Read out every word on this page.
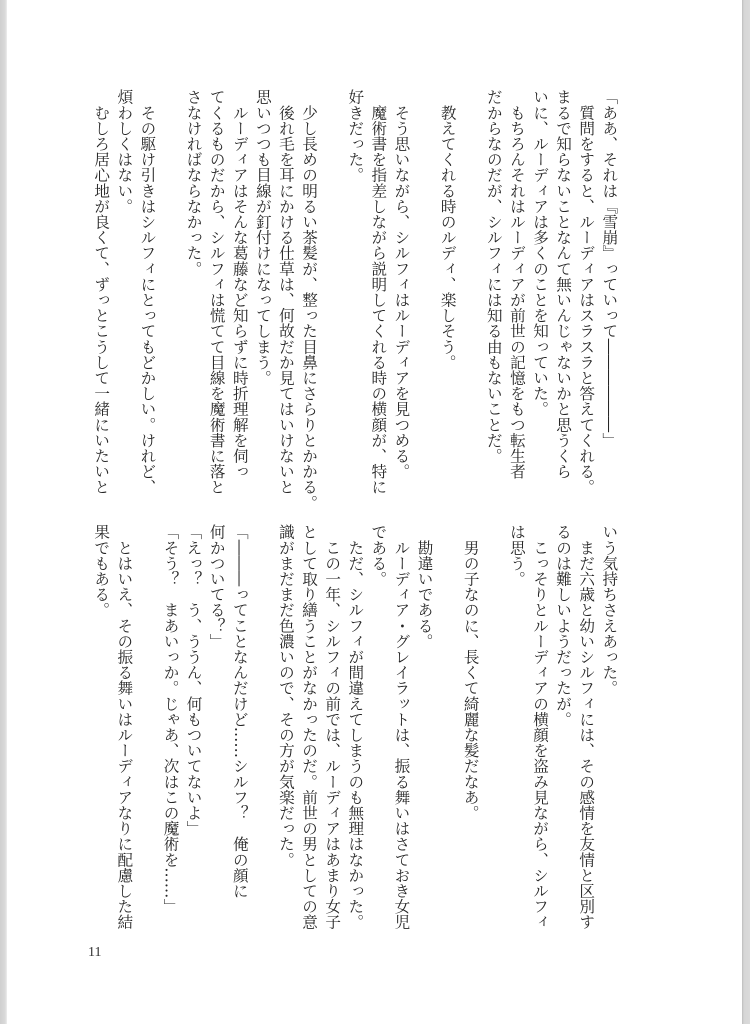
「ああ、それは『雪崩』っていって――――――」
　質問をすると、ルーディアはスラスラと答えてくれる。
まるで知らないことなんて無いんじゃないかと思うくら
いに、ルーディアは多くのことを知っていた。
　もちろんそれはルーディアが前世の記憶をもつ転生者
だからなのだが、シルフィには知る由もないことだ。
　教えてくれる時のルディ、楽しそう。
　そう思いながら、シルフィはルーディアを見つめる。
　魔術書を指差しながら説明してくれる時の横顔が、特に
好きだった。
　少し長めの明るい茶髪が、整った目鼻にさらりとかかる。
　後れ毛を耳にかける仕草は、何故だか見てはいけないと
思いつつも目線が釘付けになってしまう。
　ルーディアはそんな葛藤など知らずに時折理解を伺っ
てくるものだから、シルフィは慌てて目線を魔術書に落と
さなければならなかった。
　その駆け引きはシルフィにとってもどかしい。けれど、
煩わしくはない。
　むしろ居心地が良くて、ずっとこうして一緒にいたいと
いう気持ちさえあった。
　まだ六歳と幼いシルフィには、その感情を友情と区別す
るのは難しいようだったが。
　こっそりとルーディアの横顔を盗み見ながら、シルフィ
は思う。
　男の子なのに、長くて綺麗な髪だなあ。
　勘違いである。
　ルーディア・グレイラットは、振る舞いはさておき女児
である。
　ただ、シルフィが間違えてしまうのも無理はなかった。
　この一年、シルフィの前では、ルーディアはあまり女子
として取り繕うことがなかったのだ。前世の男としての意
識がまだまだ色濃いので、その方が気楽だった。
「―――ってことなんだけど……シルフ？　俺の顔に
何かついてる？」
「えっ？　う、ううん、何もついてないよ」
「そう？　まあいっか。じゃあ、次はこの魔術を……」
　とはいえ、その振る舞いはルーディアなりに配慮した結
果でもある。
11
